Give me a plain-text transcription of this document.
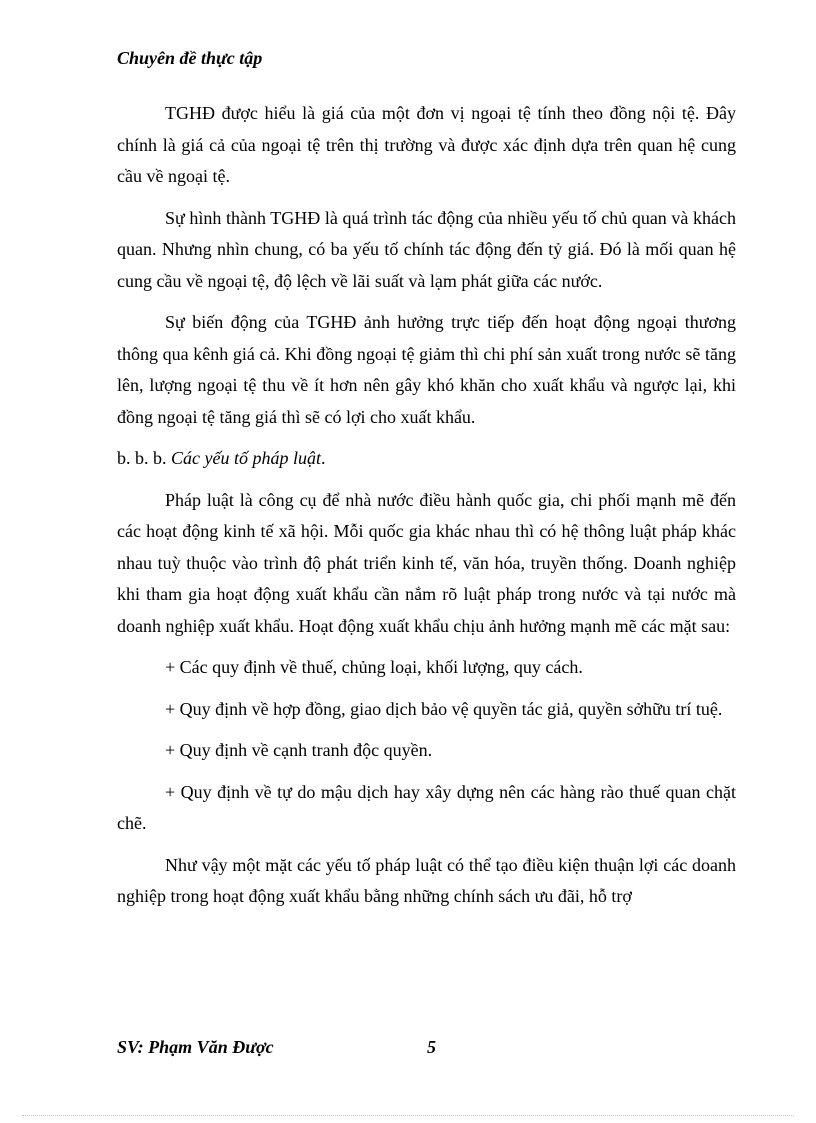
Chuyên đề thực tập

TGHĐ được hiểu là giá của một đơn vị ngoại tệ tính theo đồng nội tệ. Đây chính là giá cả của ngoại tệ trên thị trường và được xác định dựa trên quan hệ cung cầu về ngoại tệ.

Sự hình thành TGHĐ là quá trình tác động của nhiều yếu tố chủ quan và khách quan. Nhưng nhìn chung, có ba yếu tố chính tác động đến tỷ giá. Đó là mối quan hệ cung cầu về ngoại tệ, độ lệch về lãi suất và lạm phát giữa các nước.

Sự biến động của TGHĐ ảnh hưởng trực tiếp đến hoạt động ngoại thương thông qua kênh giá cả. Khi đồng ngoại tệ giảm thì chi phí sản xuất trong nước sẽ tăng lên, lượng ngoại tệ thu về ít hơn nên gây khó khăn cho xuất khẩu và ngược lại, khi đồng ngoại tệ tăng giá thì sẽ có lợi cho xuất khẩu.

b. b. b. Các yếu tố pháp luật.

Pháp luật là công cụ để nhà nước điều hành quốc gia, chi phối mạnh mẽ đến các hoạt động kinh tế xã hội. Mỗi quốc gia khác nhau thì có hệ thông luật pháp khác nhau tuỳ thuộc vào trình độ phát triển kinh tế, văn hóa, truyền thống. Doanh nghiệp khi tham gia hoạt động xuất khẩu cần nắm rõ luật pháp trong nước và tại nước mà doanh nghiệp xuất khẩu. Hoạt động xuất khẩu chịu ảnh hưởng mạnh mẽ các mặt sau:

+ Các quy định về thuế, chủng loại, khối lượng, quy cách.

+ Quy định về hợp đồng, giao dịch bảo vệ quyền tác giả, quyền sởhữu trí tuệ.

+ Quy định về cạnh tranh độc quyền.

+ Quy định về tự do mậu dịch hay xây dựng nên các hàng rào thuế quan chặt chẽ.

Như vậy một mặt các yếu tố pháp luật có thể tạo điều kiện thuận lợi các doanh nghiệp trong hoạt động xuất khẩu bằng những chính sách ưu đãi, hỗ trợ

SV: Phạm Văn Được	5
